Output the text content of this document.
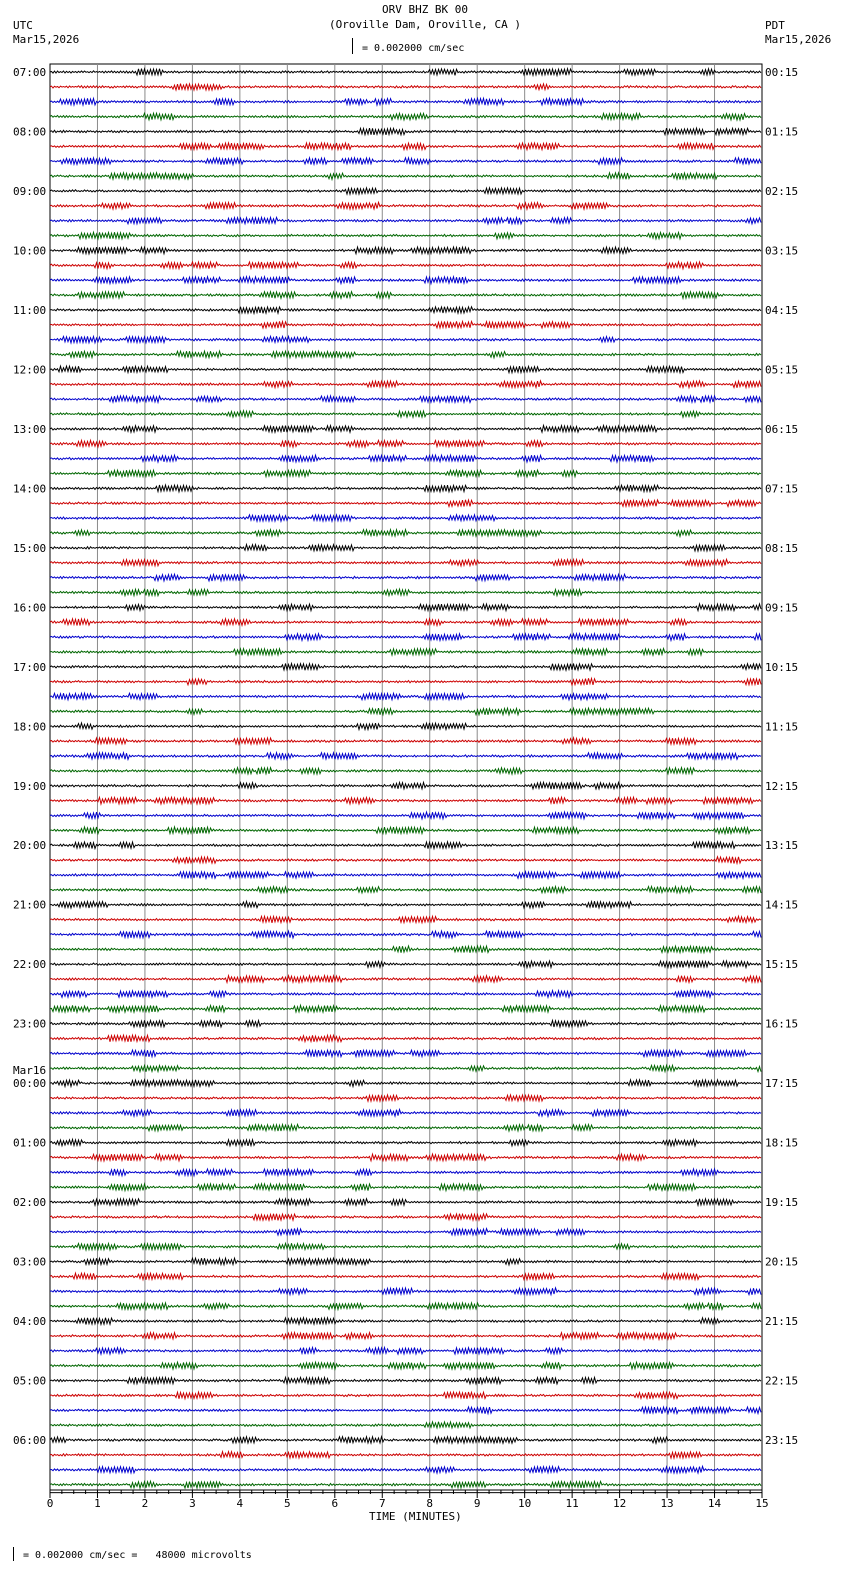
ORV BHZ BK 00
(Oroville Dam, Oroville, CA )
= 0.002000 cm/sec
UTC
Mar15,2026
PDT
Mar15,2026
0	1	2	3	4	5	6	7	8	9	10	11	12	13	14	15
07:00
08:00
09:00
10:00
11:00
12:00
13:00
14:00
15:00
16:00
17:00
18:00
19:00
20:00
21:00
22:00
23:00
00:00
Mar16
01:00
02:00
03:00
04:00
05:00
06:00
00:15
01:15
02:15
03:15
04:15
05:15
06:15
07:15
08:15
09:15
10:15
11:15
12:15
13:15
14:15
15:15
16:15
17:15
18:15
19:15
20:15
21:15
22:15
23:15
TIME (MINUTES)
= 0.002000 cm/sec =   48000 microvolts
